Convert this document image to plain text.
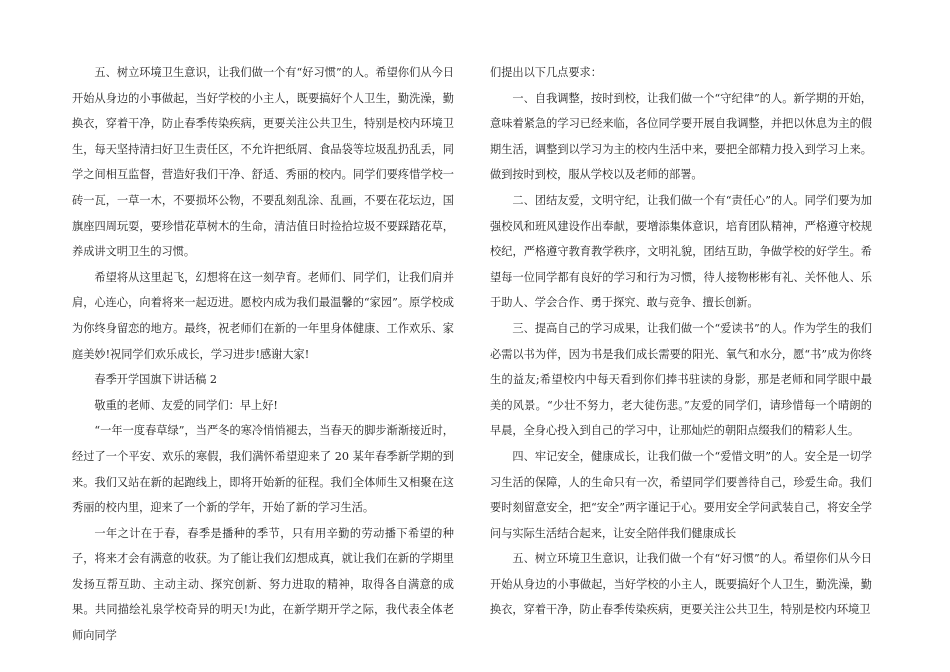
五、树立环境卫生意识，让我们做一个有“好习惯”的人。希望你们从今日开始从身边的小事做起，当好学校的小主人，既要搞好个人卫生，勤洗澡，勤换衣，穿着干净，防止春季传染疾病，更要关注公共卫生，特别是校内环境卫生，每天坚持清扫好卫生责任区，不允许把纸屑、食品袋等垃圾乱扔乱丢，同学之间相互监督，营造好我们干净、舒适、秀丽的校内。同学们要疼惜学校一砖一瓦，一草一木，不要损坏公物，不要乱刻乱涂、乱画，不要在花坛边，国旗座四周玩耍，要珍惜花草树木的生命，清洁值日时捡拾垃圾不要踩踏花草，养成讲文明卫生的习惯。

希望将从这里起飞，幻想将在这一刻孕育。老师们、同学们，让我们肩并肩，心连心，向着将来一起迈进。愿校内成为我们最温馨的“家园”。原学校成为你终身留恋的地方。最终，祝老师们在新的一年里身体健康、工作欢乐、家庭美妙!祝同学们欢乐成长，学习进步!感谢大家!

春季开学国旗下讲话稿 2

敬重的老师、友爱的同学们：早上好!

“一年一度春草绿”，当严冬的寒冷悄悄褪去，当春天的脚步渐渐接近时，经过了一个平安、欢乐的寒假，我们满怀希望迎来了 20 某年春季新学期的到来。我们又站在新的起跑线上，即将开始新的征程。我们全体师生又相聚在这秀丽的校内里，迎来了一个新的学年，开始了新的学习生活。

一年之计在于春，春季是播种的季节，只有用辛勤的劳动播下希望的种子，将来才会有满意的收获。为了能让我们幻想成真，就让我们在新的学期里发扬互帮互助、主动主动、探究创新、努力进取的精神，取得各自满意的成果。共同描绘礼泉学校奇异的明天!为此，在新学期开学之际，我代表全体老师向同学

们提出以下几点要求：

一、自我调整，按时到校，让我们做一个“守纪律”的人。新学期的开始，意味着紧急的学习已经来临，各位同学要开展自我调整，并把以休息为主的假期生活，调整到以学习为主的校内生活中来，要把全部精力投入到学习上来。做到按时到校，服从学校以及老师的部署。

二、团结友爱，文明守纪，让我们做一个有“责任心”的人。同学们要为加强校风和班风建设作出奉献，要增添集体意识，培育团队精神，严格遵守校规校纪，严格遵守教育教学秩序，文明礼貌，团结互助，争做学校的好学生。希望每一位同学都有良好的学习和行为习惯，待人接物彬彬有礼、关怀他人、乐于助人、学会合作、勇于探究、敢与竞争、擅长创新。

三、提高自己的学习成果，让我们做一个“爱读书”的人。作为学生的我们必需以书为伴，因为书是我们成长需要的阳光、氧气和水分，愿“书”成为你终生的益友;希望校内中每天看到你们捧书驻读的身影，那是老师和同学眼中最美的风景。“少壮不努力，老大徒伤悲。”友爱的同学们，请珍惜每一个晴朗的早晨，全身心投入到自己的学习中，让那灿烂的朝阳点缀我们的精彩人生。

四、牢记安全，健康成长，让我们做一个“爱惜文明”的人。安全是一切学习生活的保障，人的生命只有一次，希望同学们要善待自己，珍爱生命。我们要时刻留意安全，把“安全”两字谨记于心。要用安全学问武装自己，将安全学问与实际生活结合起来，让安全陪伴我们健康成长

五、树立环境卫生意识，让我们做一个有“好习惯”的人。希望你们从今日开始从身边的小事做起，当好学校的小主人，既要搞好个人卫生，勤洗澡，勤换衣，穿着干净，防止春季传染疾病，更要关注公共卫生，特别是校内环境卫
